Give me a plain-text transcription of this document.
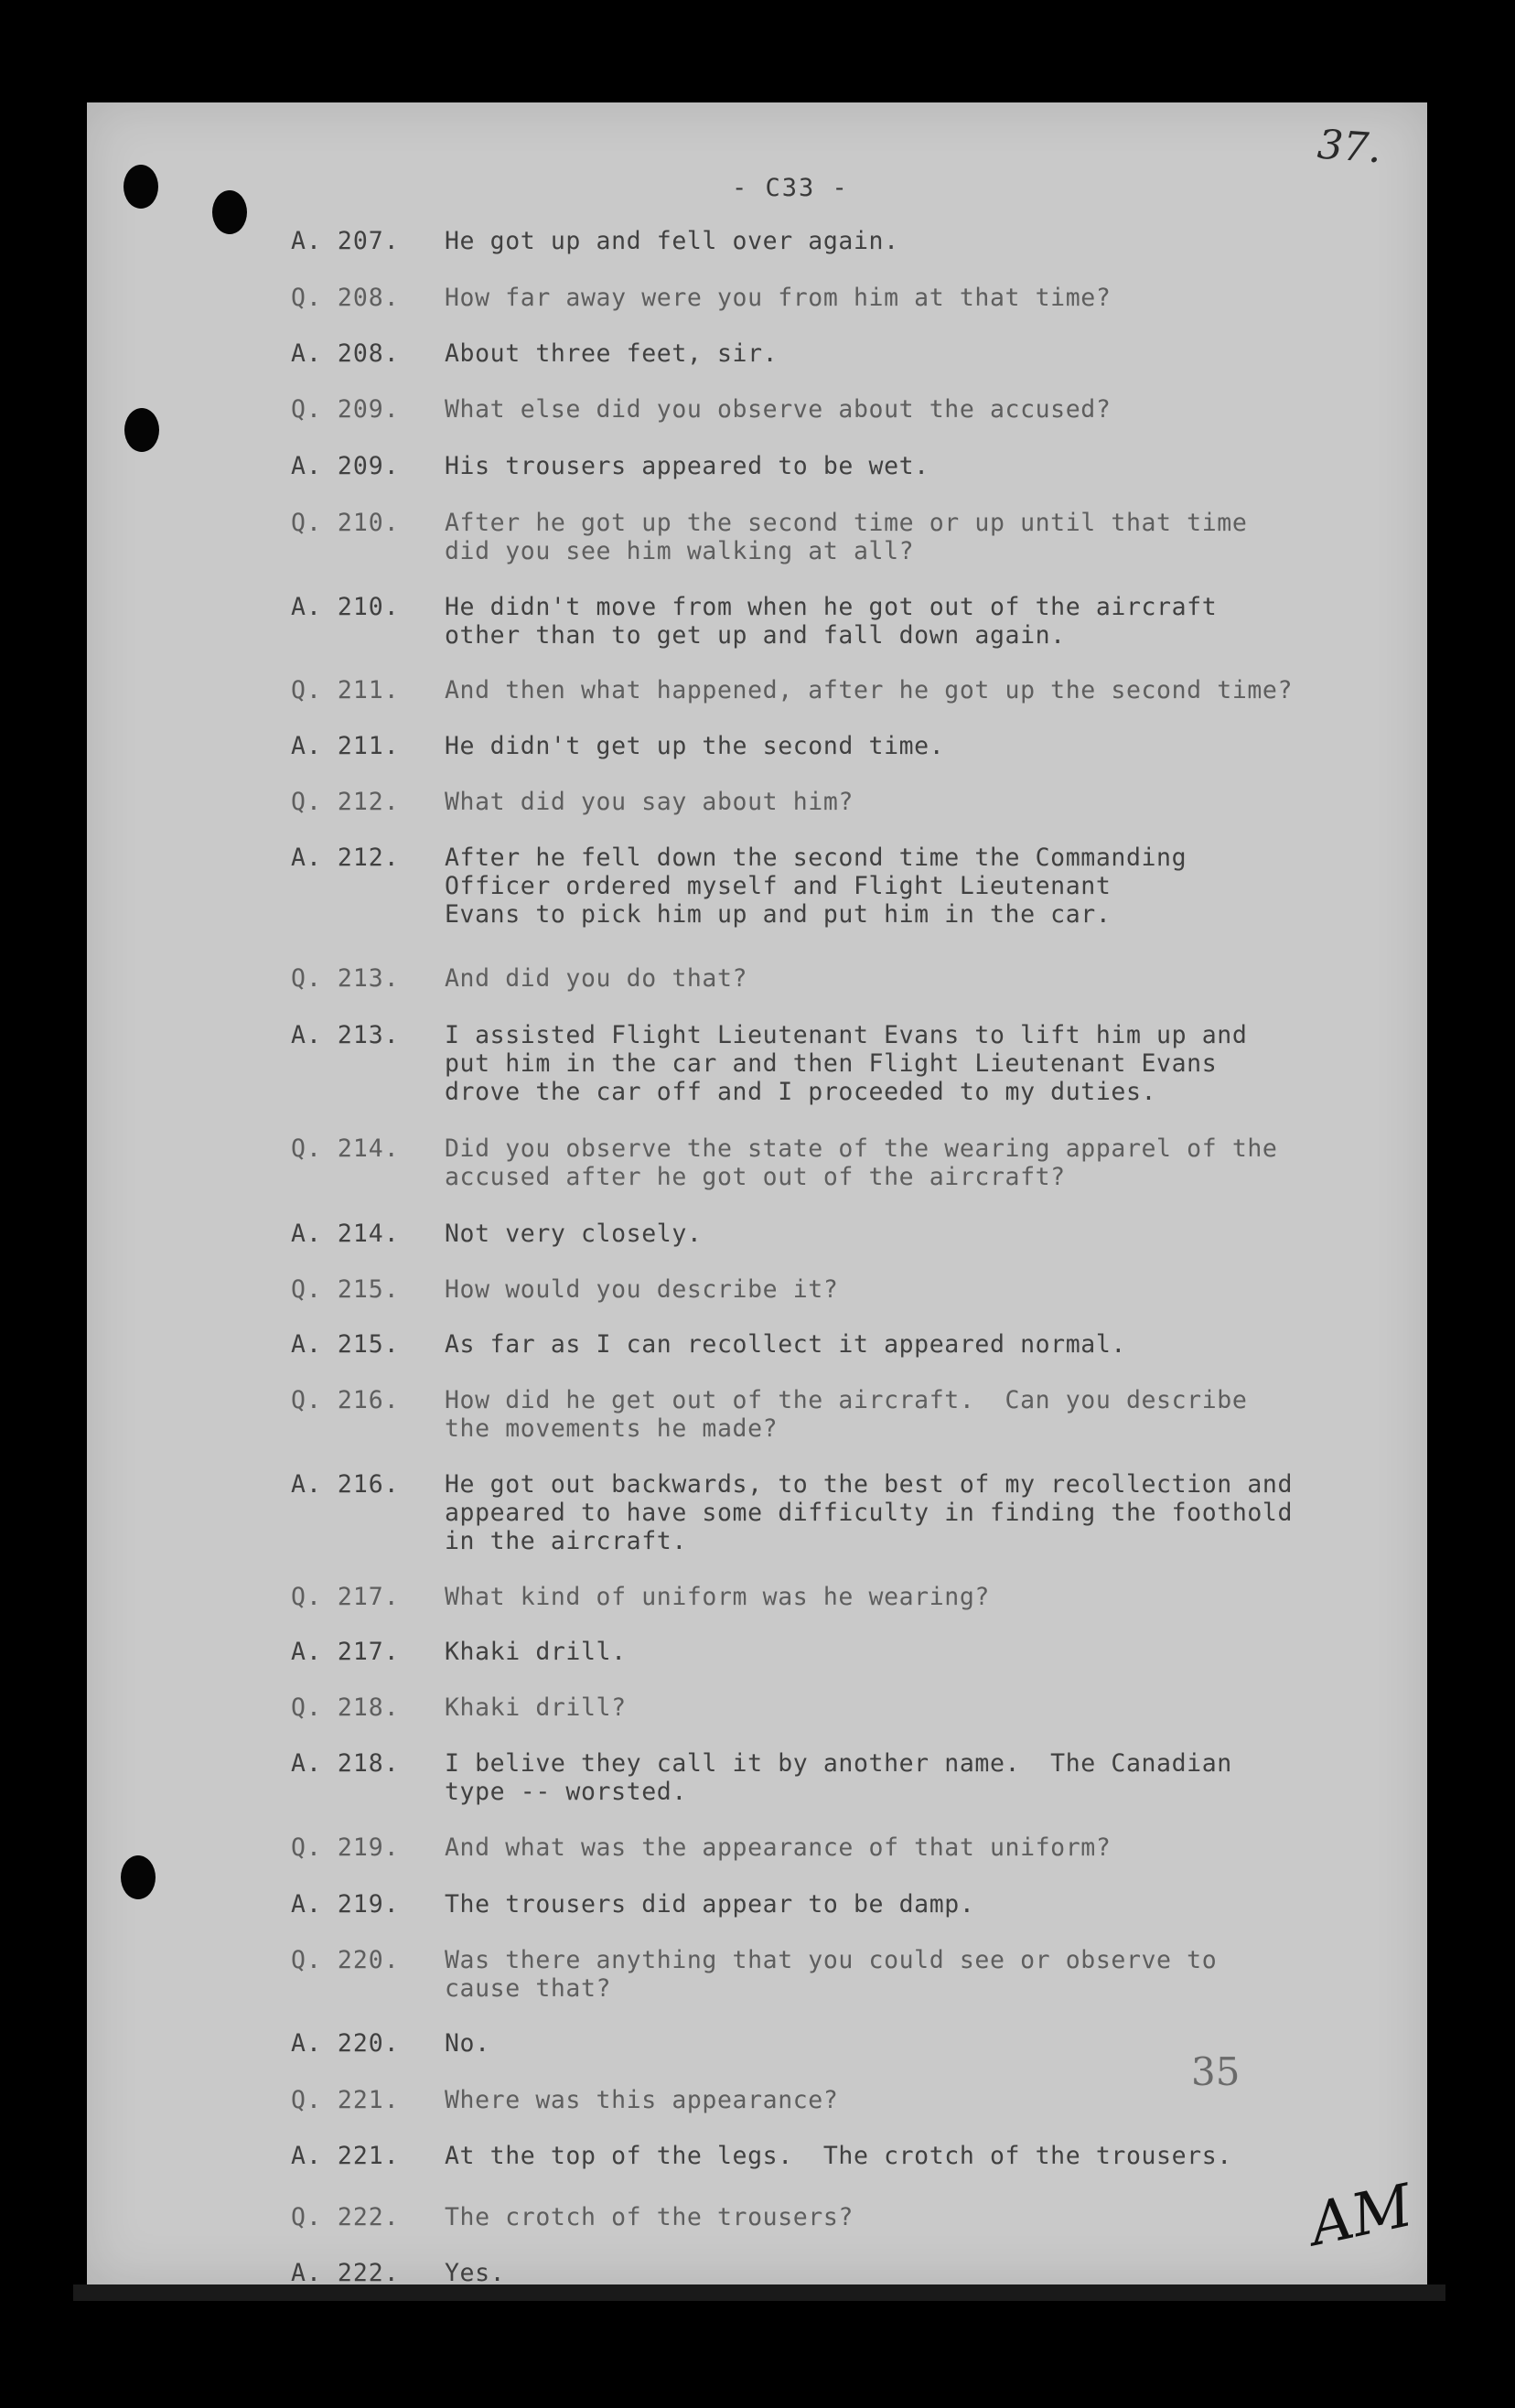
37.
- C33 -
A. 207.	He got up and fell over again.
Q. 208.	How far away were you from him at that time?
A. 208.	About three feet, sir.
Q. 209.	What else did you observe about the accused?
A. 209.	His trousers appeared to be wet.
Q. 210.	After he got up the second time or up until that time
did you see him walking at all?
A. 210.	He didn't move from when he got out of the aircraft
other than to get up and fall down again.
Q. 211.	And then what happened, after he got up the second time?
A. 211.	He didn't get up the second time.
Q. 212.	What did you say about him?
A. 212.	After he fell down the second time the Commanding
Officer ordered myself and Flight Lieutenant
Evans to pick him up and put him in the car.
Q. 213.	And did you do that?
A. 213.	I assisted Flight Lieutenant Evans to lift him up and
put him in the car and then Flight Lieutenant Evans
drove the car off and I proceeded to my duties.
Q. 214.	Did you observe the state of the wearing apparel of the
accused after he got out of the aircraft?
A. 214.	Not very closely.
Q. 215.	How would you describe it?
A. 215.	As far as I can recollect it appeared normal.
Q. 216.	How did he get out of the aircraft.  Can you describe
the movements he made?
A. 216.	He got out backwards, to the best of my recollection and
appeared to have some difficulty in finding the foothold
in the aircraft.
Q. 217.	What kind of uniform was he wearing?
A. 217.	Khaki drill.
Q. 218.	Khaki drill?
A. 218.	I belive they call it by another name.  The Canadian
type -- worsted.
Q. 219.	And what was the appearance of that uniform?
A. 219.	The trousers did appear to be damp.
Q. 220.	Was there anything that you could see or observe to
cause that?
A. 220.	No.
Q. 221.	Where was this appearance?
A. 221.	At the top of the legs.  The crotch of the trousers.
Q. 222.	The crotch of the trousers?
A. 222.	Yes.
35
AM
